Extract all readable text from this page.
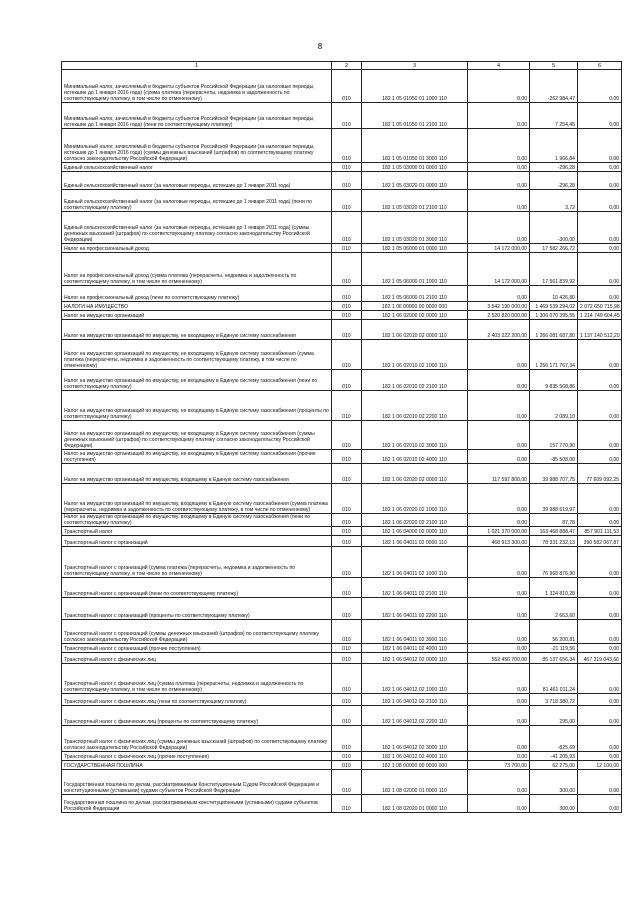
8
1	2	3	4	5	6
Минимальный налог, зачисляемый в бюджеты субъектов Российской Федерации (за налоговые периоды, истекшие до 1 января 2016 года) (сумма платежа (перерасчеты, недоимка и задолженность по соответствующему платежу, в том числе по отмененному)	010	182 1 05 01050 01 1000 110	0,00	-262 984,47	0,00
Минимальный налог, зачисляемый в бюджеты субъектов Российской Федерации (за налоговые периоды, истекшие до 1 января 2016 года) (пени по соответствующему платежу)	010	182 1 05 01050 01 2100 110	0,00	7 254,45	0,00
Минимальный налог, зачисляемый в бюджеты субъектов Российской Федерации (за налоговые периоды, истекшие до 1 января 2016 года) (суммы денежных взысканий (штрафов) по соответствующему платежу согласно законодательству Российской Федерации)	010	182 1 05 01050 01 3000 110	0,00	1 966,84	0,00
Единый сельскохозяйственный налог	010	182 1 05 03000 01 0000 110	0,00	-296,28	0,00
Единый сельскохозяйственный налог (за налоговые периоды, истекшие до 1 января 2011 года)	010	182 1 05 03020 01 0000 110	0,00	-296,28	0,00
Единый сельскохозяйственный налог (за налоговые периоды, истекшие до 1 января 2011 года) (пени по соответствующему платежу)	010	182 1 05 03020 01 2100 110	0,00	3,72	0,00
Единый сельскохозяйственный налог (за налоговые периоды, истекшие до 1 января 2011 года) (суммы денежных взысканий (штрафов) по соответствующему платежу согласно законодательству Российской Федерации)	010	182 1 05 03020 01 3000 110	0,00	-300,00	0,00
Налог на профессиональный доход	010	182 1 05 06000 01 0000 110	14 172 000,00	17 582 266,72	0,00
Налог на профессиональный доход (сумма платежа (перерасчеты, недоимка и задолженность по соответствующему платежу, в том числе по отмененному)	010	182 1 05 06000 01 1000 110	14 172 000,00	17 561 839,92	0,00
Налог на профессиональный доход (пени по соответствующему платежу)	010	182 1 05 06000 01 2100 110	0,00	10 426,80	0,00
НАЛОГИ НА ИМУЩЕСТВО	010	182 1 06 00000 00 0000 000	3 542 190 000,00	1 469 539 294,02	2 072 650 715,98
Налог на имущество организаций	010	182 1 06 02000 02 0000 110	2 520 820 000,00	1 306 070 395,55	1 214 749 604,45
Налог на имущество организаций по имуществу, не входящему в Единую систему газоснабжения	010	182 1 06 02010 02 0000 110	2 403 222 200,00	1 266 081 687,80	1 137 140 512,20
Налог на имущество организаций по имуществу, не входящему в Единую систему газоснабжения (сумма платежа (перерасчеты, недоимка и задолженность по соответствующему платежу, в том числе по отмененному)	010	182 1 06 02010 02 1000 110	0,00	1 256 171 767,34	0,00
Налог на имущество организаций по имуществу, не входящему в Единую систему газоснабжения (пени по соответствующему платежу)	010	182 1 06 02010 02 2100 110	0,00	9 835 568,86	0,00
Налог на имущество организаций по имуществу, не входящему в Единую систему газоснабжения (проценты по соответствующему платежу)	010	182 1 06 02010 02 2200 110	0,00	2 089,10	0,00
Налог на имущество организаций по имуществу, не входящему в Единую систему газоснабжения (суммы денежных взысканий (штрафов) по соответствующему платежу согласно законодательству Российской Федерации)	010	182 1 06 02010 02 3000 110	0,00	157 770,90	0,00
Налог на имущество организаций по имуществу, не входящему в Единую систему газоснабжения (прочие поступления)	010	182 1 06 02010 02 4000 110	0,00	-85 508,00	0,00
Налог на имущество организаций по имуществу, входящему в Единую систему газоснабжения	010	182 1 06 02020 02 0000 110	117 597 800,00	39 988 707,75	77 609 092,25
Налог на имущество организаций по имуществу, входящему в Единую систему газоснабжения (сумма платежа (перерасчеты, недоимка и задолженность по соответствующему платежу, в том числе по отмененному)	010	182 1 06 02020 02 1000 110	0,00	39 988 619,97	0,00
Налог на имущество организаций по имуществу, входящему в Единую систему газоснабжения (пени по соответствующему платежу)	010	182 1 06 02020 02 2100 110	0,00	87,78	0,00
Транспортный налог	010	182 1 06 04000 02 0000 110	1 021 370 000,00	163 468 888,47	857 901 111,53
Транспортный налог с организаций	010	182 1 06 04011 02 0000 110	468 913 300,00	78 331 232,13	390 582 067,87
Транспортный налог с организаций (сумма платежа (перерасчеты, недоимка и задолженность по соответствующему платежу, в том числе по отмененному)	010	182 1 06 04011 02 1000 110	0,00	76 968 876,90	0,00
Транспортный налог с организаций (пени по соответствующему платежу)	010	182 1 06 04011 02 2100 110	0,00	1 324 810,28	0,00
Транспортный налог с организаций (проценты по соответствующему платежу)	010	182 1 06 04011 02 2200 110	0,00	2 663,60	0,00
Транспортный налог с организаций (суммы денежных взысканий (штрафов) по соответствующему платежу согласно законодательству Российской Федерации)	010	182 1 06 04011 02 3000 110	0,00	56 200,81	0,00
Транспортный налог с организаций (прочие поступления)	010	182 1 06 04011 02 4000 110	0,00	-21 119,56	0,00
Транспортный налог с физических лиц	010	182 1 06 04012 02 0000 110	552 456 700,00	85 137 656,34	467 319 043,66
Транспортный налог с физических лиц (сумма платежа (перерасчеты, недоимка и задолженность по соответствующему платежу, в том числе по отмененному)	010	182 1 06 04012 02 1000 110	0,00	81 461 011,24	0,00
Транспортный налог с физических лиц (пени по соответствующему платежу)	010	182 1 06 04012 02 2100 110	0,00	3 718 380,72	0,00
Транспортный налог с физических лиц (проценты по соответствующему платежу)	010	182 1 06 04012 02 2200 110	0,00	295,00	0,00
Транспортный налог с физических лиц (суммы денежных взысканий (штрафов) по соответствующему платежу согласно законодательству Российской Федерации)	010	182 1 06 04012 02 3000 110	0,00	-825,69	0,00
Транспортный налог с физических лиц (прочие поступления)	010	182 1 06 04012 02 4000 110	0,00	-41 205,93	0,00
ГОСУДАРСТВЕННАЯ ПОШЛИНА	010	182 1 08 00000 00 0000 000	73 700,00	62 275,00	12 100,00
Государственная пошлина по делам, рассматриваемым Конституционным Судом Российской Федерации и конституционными (уставными) судами субъектов Российской Федерации	010	182 1 08 02000 01 0000 110	0,00	300,00	0,00
Государственная пошлина по делам, рассматриваемым конституционными (уставными) судами субъектов Российской Федерации	010	182 1 08 02020 01 0000 110	0,00	300,00	0,00
